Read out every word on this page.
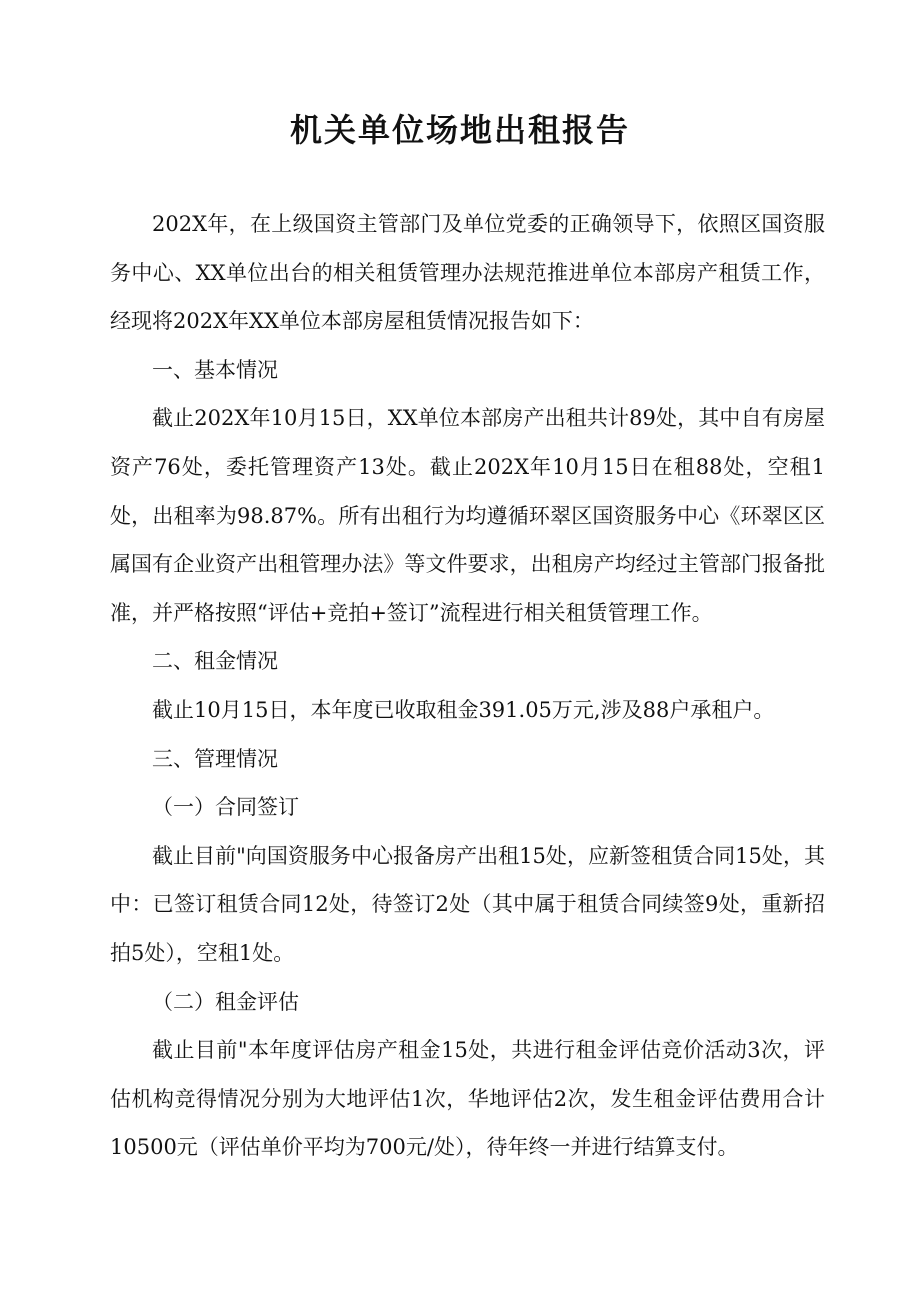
机关单位场地出租报告

202X年，在上级国资主管部门及单位党委的正确领导下，依照区国资服务中心、XX单位出台的相关租赁管理办法规范推进单位本部房产租赁工作，经现将202X年XX单位本部房屋租赁情况报告如下：

一、基本情况

截止202X年10月15日，XX单位本部房产出租共计89处，其中自有房屋资产76处，委托管理资产13处。截止202X年10月15日在租88处，空租1处，出租率为98.87%。所有出租行为均遵循环翠区国资服务中心《环翠区区属国有企业资产出租管理办法》等文件要求，出租房产均经过主管部门报备批准，并严格按照“评估+竞拍+签订”流程进行相关租赁管理工作。

二、租金情况

截止10月15日，本年度已收取租金391.05万元,涉及88户承租户。

三、管理情况

（一）合同签订

截止目前"向国资服务中心报备房产出租15处，应新签租赁合同15处，其中：已签订租赁合同12处，待签订2处（其中属于租赁合同续签9处，重新招拍5处），空租1处。

（二）租金评估

截止目前"本年度评估房产租金15处，共进行租金评估竞价活动3次，评估机构竞得情况分别为大地评估1次，华地评估2次，发生租金评估费用合计10500元（评估单价平均为700元/处），待年终一并进行结算支付。
